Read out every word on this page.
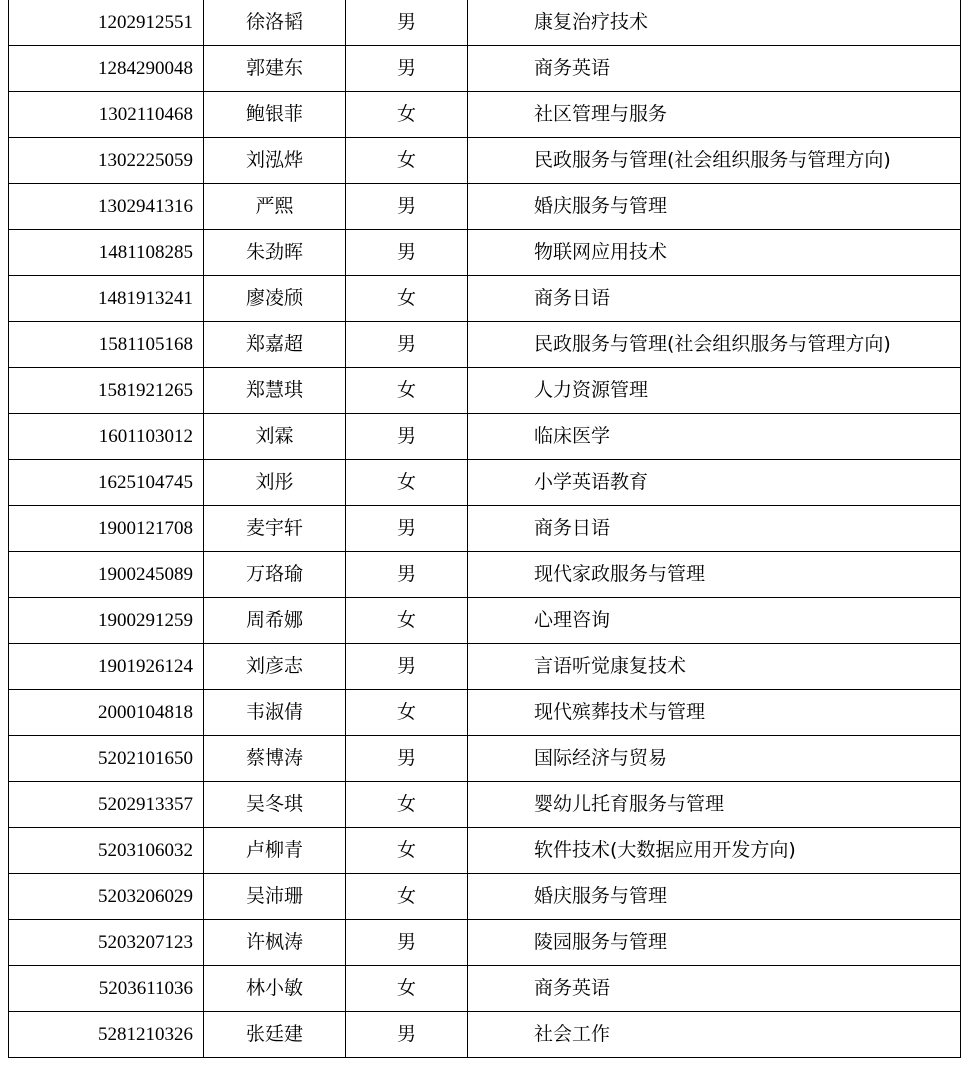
1202912551	徐洛韬	男	康复治疗技术
1284290048	郭建东	男	商务英语
1302110468	鲍银菲	女	社区管理与服务
1302225059	刘泓烨	女	民政服务与管理(社会组织服务与管理方向)
1302941316	严熙	男	婚庆服务与管理
1481108285	朱劲晖	男	物联网应用技术
1481913241	廖凌颀	女	商务日语
1581105168	郑嘉超	男	民政服务与管理(社会组织服务与管理方向)
1581921265	郑慧琪	女	人力资源管理
1601103012	刘霖	男	临床医学
1625104745	刘彤	女	小学英语教育
1900121708	麦宇轩	男	商务日语
1900245089	万珞瑜	男	现代家政服务与管理
1900291259	周希娜	女	心理咨询
1901926124	刘彦志	男	言语听觉康复技术
2000104818	韦淑倩	女	现代殡葬技术与管理
5202101650	蔡博涛	男	国际经济与贸易
5202913357	吴冬琪	女	婴幼儿托育服务与管理
5203106032	卢柳青	女	软件技术(大数据应用开发方向)
5203206029	吴沛珊	女	婚庆服务与管理
5203207123	许枫涛	男	陵园服务与管理
5203611036	林小敏	女	商务英语
5281210326	张廷建	男	社会工作
